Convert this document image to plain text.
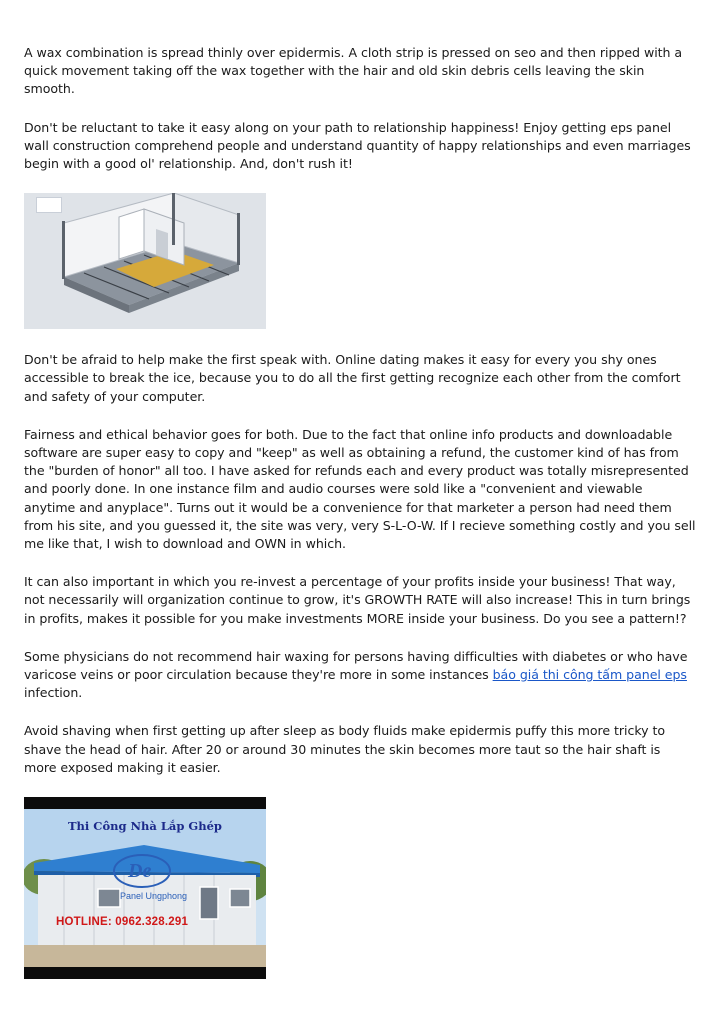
A wax combination is spread thinly over epidermis. A cloth strip is pressed on seo and then ripped with a quick movement taking off the wax together with the hair and old skin debris cells leaving the skin smooth.

Don't be reluctant to take it easy along on your path to relationship happiness! Enjoy getting eps panel wall construction comprehend people and understand quantity of happy relationships and even marriages begin with a good ol' relationship. And, don't rush it!

Don't be afraid to help make the first speak with. Online dating makes it easy for every you shy ones accessible to break the ice, because you to do all the first getting recognize each other from the comfort and safety of your computer.

Fairness and ethical behavior goes for both. Due to the fact that online info products and downloadable software are super easy to copy and "keep" as well as obtaining a refund, the customer kind of has from the "burden of honor" all too. I have asked for refunds each and every product was totally misrepresented and poorly done. In one instance film and audio courses were sold like a "convenient and viewable anytime and anyplace". Turns out it would be a convenience for that marketer a person had need them from his site, and you guessed it, the site was very, very S-L-O-W. If I recieve something costly and you sell me like that, I wish to download and OWN in which.

It can also important in which you re-invest a percentage of your profits inside your business! That way, not necessarily will organization continue to grow, it's GROWTH RATE will also increase! This in turn brings in profits, makes it possible for you make investments MORE inside your business. Do you see a pattern!?

Some physicians do not recommend hair waxing for persons having difficulties with diabetes or who have varicose veins or poor circulation because they're more in some instances báo giá thi công tấm panel eps infection.

Avoid shaving when first getting up after sleep as body fluids make epidermis puffy this more tricky to shave the head of hair. After 20 or around 30 minutes the skin becomes more taut so the hair shaft is more exposed making it easier.

De
Thi Công Nhà Lắp Ghép
Panel Ungphong
HOTLINE: 0962.328.291
